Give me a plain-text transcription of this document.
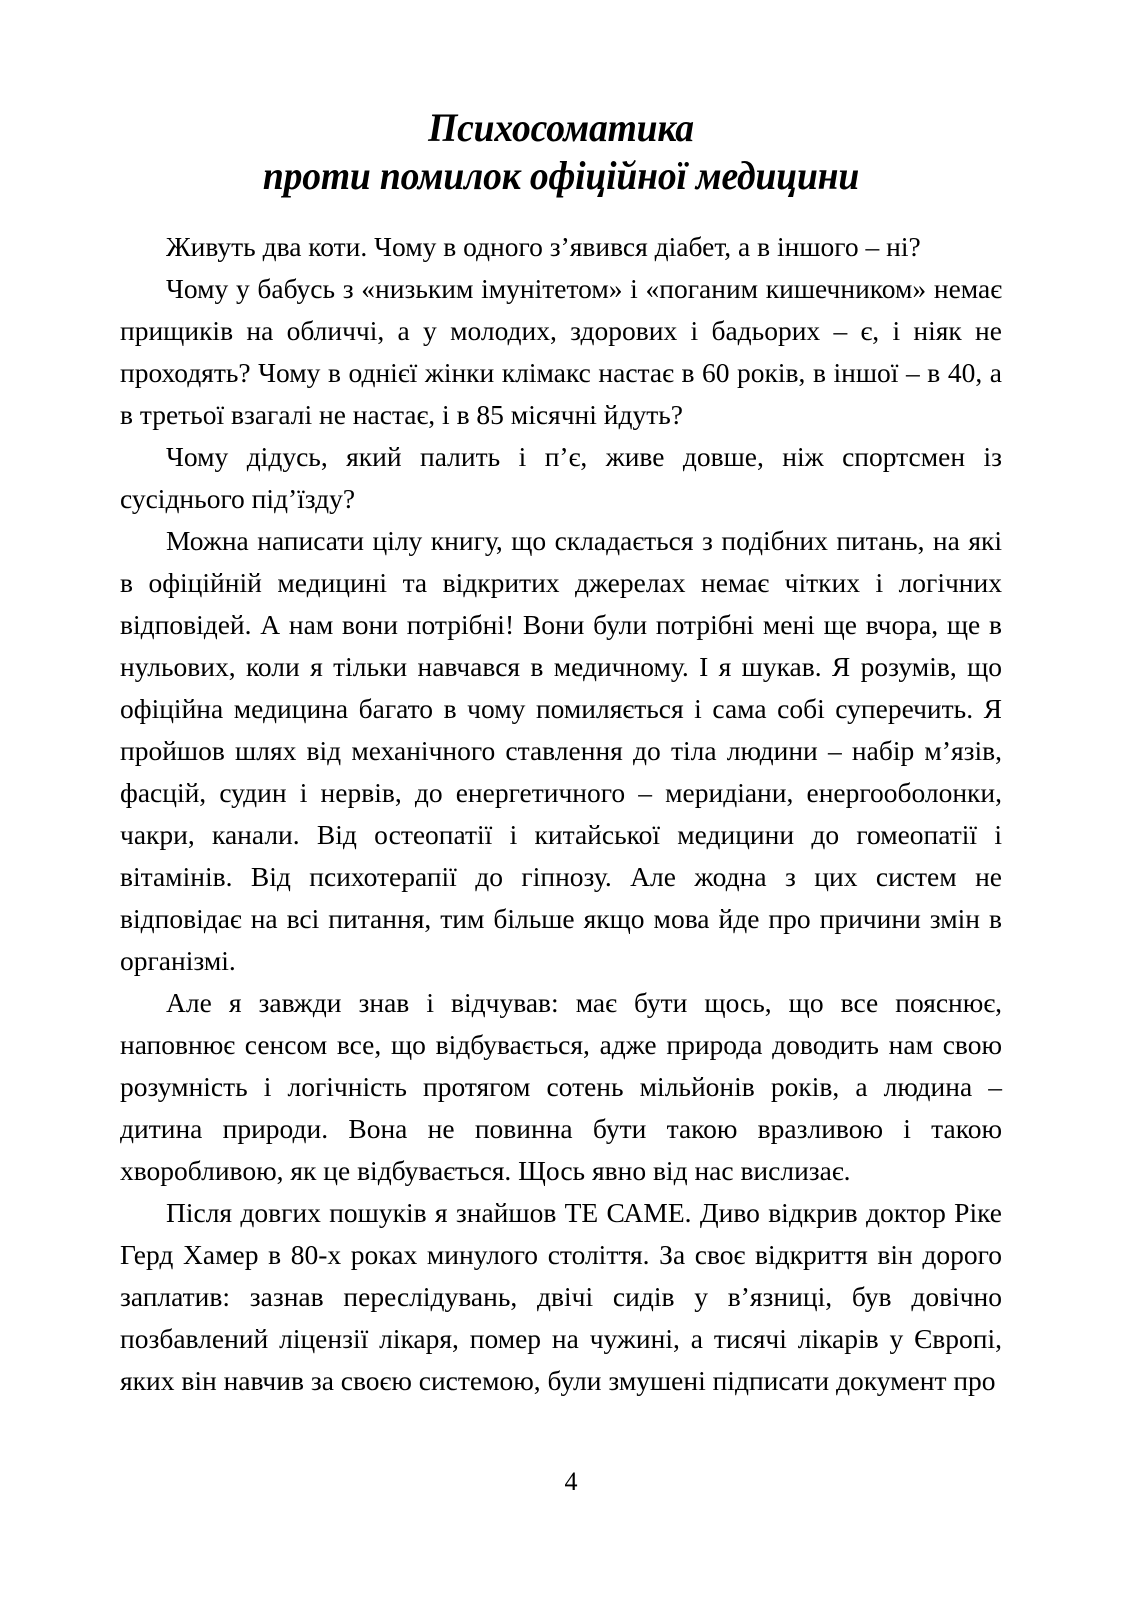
Психосоматика
проти помилок офіційної медицини

Живуть два коти. Чому в одного з’явився діабет, а в іншого – ні?

Чому у бабусь з «низьким імунітетом» і «поганим кишечником» немає прищиків на обличчі, а у молодих, здорових і бадьорих – є, і ніяк не проходять? Чому в однієї жінки клімакс настає в 60 років, в іншої – в 40, а в третьої взагалі не настає, і в 85 місячні йдуть?

Чому дідусь, який палить і п’є, живе довше, ніж спортсмен із сусіднього під’їзду?

Можна написати цілу книгу, що складається з подібних питань, на які в офіційній медицині та відкритих джерелах немає чітких і логічних відповідей. А нам вони потрібні! Вони були потрібні мені ще вчора, ще в нульових, коли я тільки навчався в медичному. І я шукав. Я розумів, що офіційна медицина багато в чому помиляється і сама собі суперечить. Я пройшов шлях від механічного ставлення до тіла людини – набір м’язів, фасцій, судин і нервів, до енергетичного – меридіани, енергооболонки, чакри, канали. Від остеопатії і китайської медицини до гомеопатії і вітамінів. Від психотерапії до гіпнозу. Але жодна з цих систем не відповідає на всі питання, тим більше якщо мова йде про причини змін в організмі.

Але я завжди знав і відчував: має бути щось, що все пояснює, наповнює сенсом все, що відбувається, адже природа доводить нам свою розумність і логічність протягом сотень мільйонів років, а людина – дитина природи. Вона не повинна бути такою вразливою і такою хворобливою, як це відбувається. Щось явно від нас вислизає.

Після довгих пошуків я знайшов ТЕ САМЕ. Диво відкрив доктор Ріке Герд Хамер в 80-х роках минулого століття. За своє відкриття він дорого заплатив: зазнав переслідувань, двічі сидів у в’язниці, був довічно позбавлений ліцензії лікаря, помер на чужині, а тисячі лікарів у Європі, яких він навчив за своєю системою, були змушені підписати документ про

4
